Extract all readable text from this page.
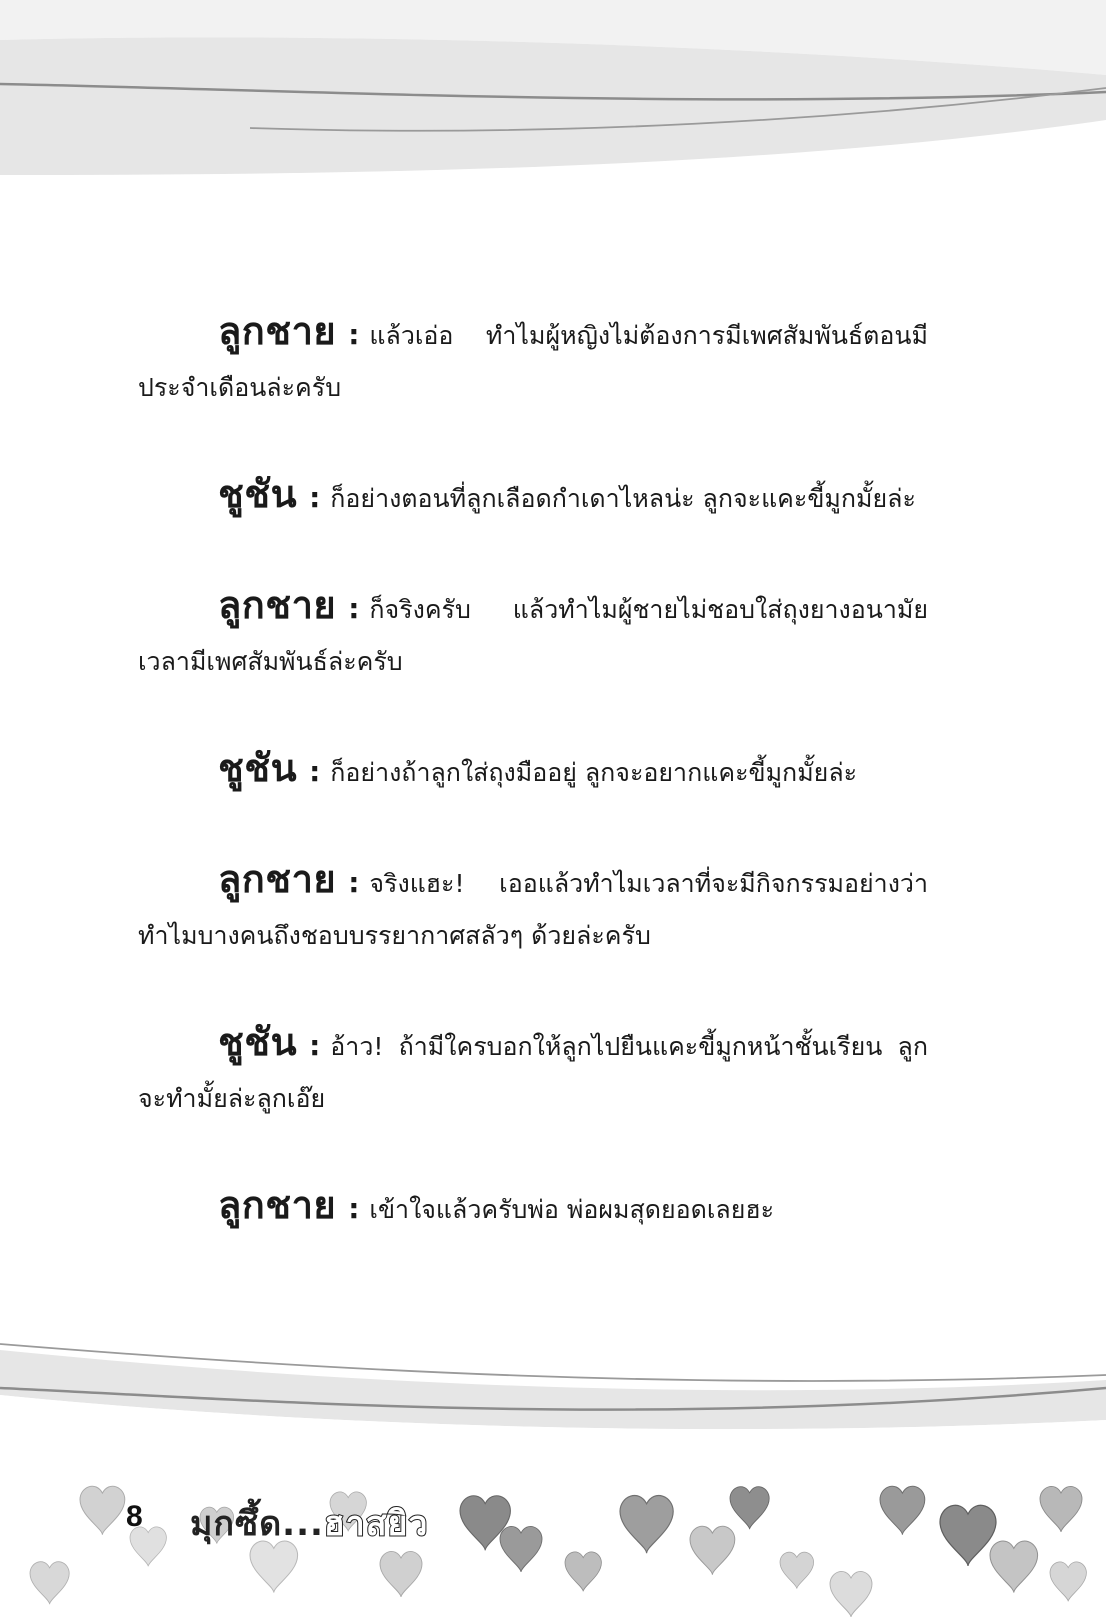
ลูกชาย : แล้วเอ่อ ทำไมผู้หญิงไม่ต้องการมีเพศสัมพันธ์ตอนมีประจำเดือนล่ะครับ

ชูชัน : ก็อย่างตอนที่ลูกเลือดกำเดาไหลน่ะ ลูกจะแคะขี้มูกมั้ยล่ะ

ลูกชาย : ก็จริงครับ แล้วทำไมผู้ชายไม่ชอบใส่ถุงยางอนามัยเวลามีเพศสัมพันธ์ล่ะครับ

ชูชัน : ก็อย่างถ้าลูกใส่ถุงมืออยู่ ลูกจะอยากแคะขี้มูกมั้ยล่ะ

ลูกชาย : จริงแฮะ! เออแล้วทำไมเวลาที่จะมีกิจกรรมอย่างว่า ทำไมบางคนถึงชอบบรรยากาศสลัวๆ ด้วยล่ะครับ

ชูชัน : อ้าว! ถ้ามีใครบอกให้ลูกไปยืนแคะขี้มูกหน้าชั้นเรียน ลูกจะทำมั้ยล่ะลูกเอ๊ย

ลูกชาย : เข้าใจแล้วครับพ่อ พ่อผมสุดยอดเลยฮะ

8 มุกซึ้ด...ฮาสยิว
